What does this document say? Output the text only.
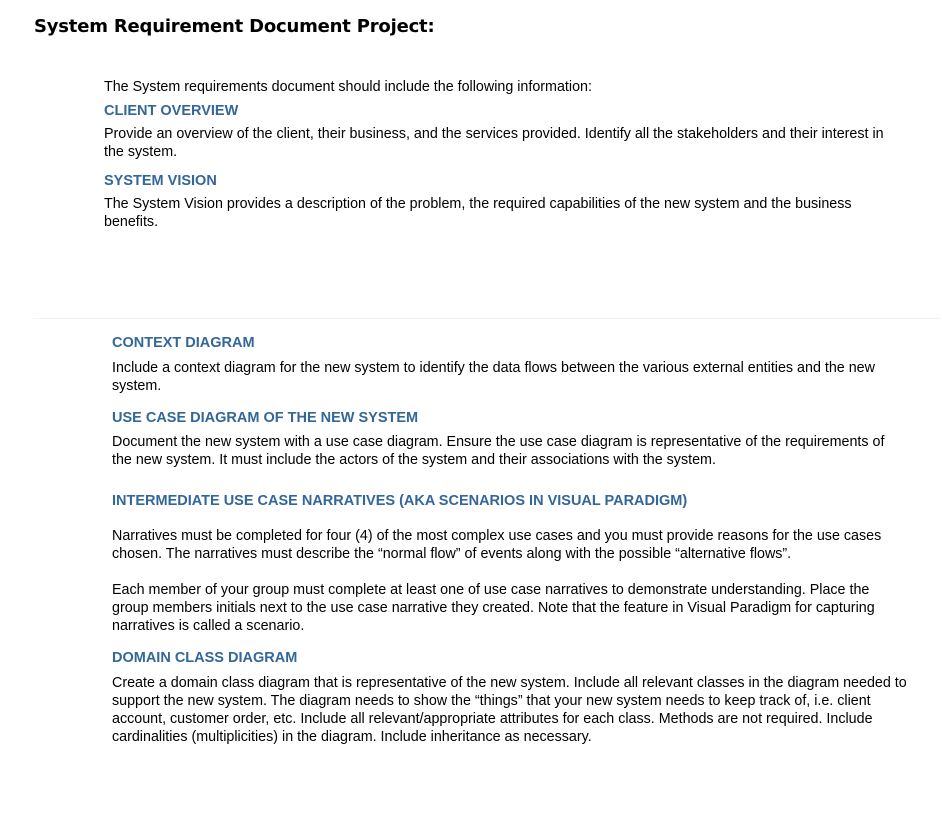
System Requirement Document Project:

The System requirements document should include the following information:

CLIENT OVERVIEW

Provide an overview of the client, their business, and the services provided. Identify all the stakeholders and their interest in the system.

SYSTEM VISION

The System Vision provides a description of the problem, the required capabilities of the new system and the business benefits.

CONTEXT DIAGRAM

Include a context diagram for the new system to identify the data flows between the various external entities and the new system.

USE CASE DIAGRAM OF THE NEW SYSTEM

Document the new system with a use case diagram. Ensure the use case diagram is representative of the requirements of the new system. It must include the actors of the system and their associations with the system.

INTERMEDIATE USE CASE NARRATIVES (AKA SCENARIOS IN VISUAL PARADIGM)

Narratives must be completed for four (4) of the most complex use cases and you must provide reasons for the use cases chosen. The narratives must describe the “normal flow” of events along with the possible “alternative flows”.

Each member of your group must complete at least one of use case narratives to demonstrate understanding. Place the group members initials next to the use case narrative they created. Note that the feature in Visual Paradigm for capturing narratives is called a scenario.

DOMAIN CLASS DIAGRAM

Create a domain class diagram that is representative of the new system. Include all relevant classes in the diagram needed to support the new system. The diagram needs to show the “things” that your new system needs to keep track of, i.e. client account, customer order, etc. Include all relevant/appropriate attributes for each class. Methods are not required. Include cardinalities (multiplicities) in the diagram. Include inheritance as necessary.
